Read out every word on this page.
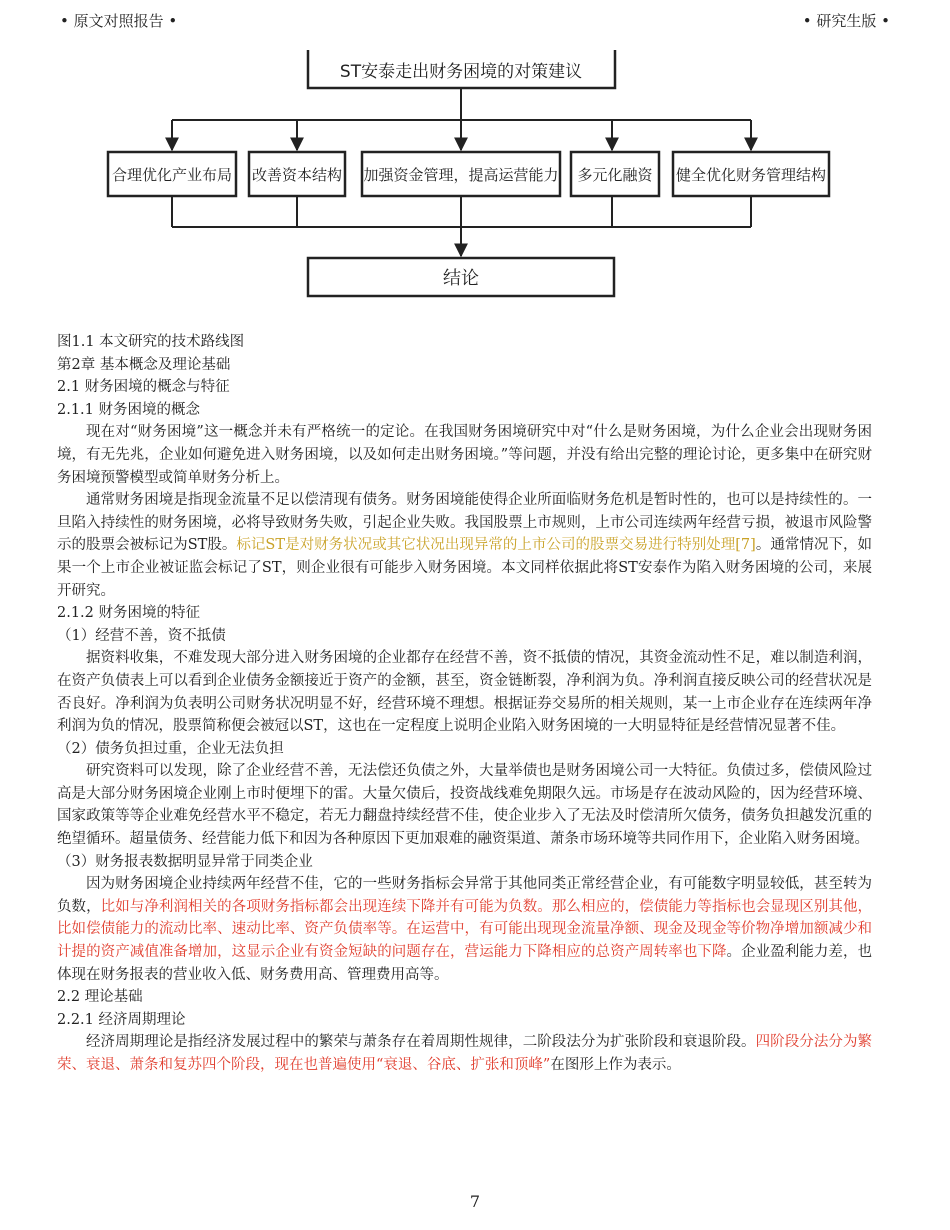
• 原文对照报告 •	• 研究生版 •
ST安泰走出财务困境的对策建议
合理优化产业布局 改善资本结构 加强资金管理，提高运营能力 多元化融资 健全优化财务管理结构
结论

图1.1 本文研究的技术路线图

第2章 基本概念及理论基础

2.1 财务困境的概念与特征

2.1.1 财务困境的概念

现在对“财务困境”这一概念并未有严格统一的定论。在我国财务困境研究中对“什么是财务困境，为什么企业会出现财务困境，有无先兆，企业如何避免进入财务困境，以及如何走出财务困境。”等问题，并没有给出完整的理论讨论，更多集中在研究财务困境预警模型或简单财务分析上。

通常财务困境是指现金流量不足以偿清现有债务。财务困境能使得企业所面临财务危机是暂时性的，也可以是持续性的。一旦陷入持续性的财务困境，必将导致财务失败，引起企业失败。我国股票上市规则，上市公司连续两年经营亏损，被退市风险警示的股票会被标记为ST股。标记ST是对财务状况或其它状况出现异常的上市公司的股票交易进行特别处理[7]。通常情况下，如果一个上市企业被证监会标记了ST，则企业很有可能步入财务困境。本文同样依据此将ST安泰作为陷入财务困境的公司，来展开研究。

2.1.2 财务困境的特征

（1）经营不善，资不抵债

据资料收集，不难发现大部分进入财务困境的企业都存在经营不善，资不抵债的情况，其资金流动性不足，难以制造利润，在资产负债表上可以看到企业债务金额接近于资产的金额，甚至，资金链断裂，净利润为负。净利润直接反映公司的经营状况是否良好。净利润为负表明公司财务状况明显不好，经营环境不理想。根据证券交易所的相关规则，某一上市企业存在连续两年净利润为负的情况，股票简称便会被冠以ST，这也在一定程度上说明企业陷入财务困境的一大明显特征是经营情况显著不佳。

（2）债务负担过重，企业无法负担

研究资料可以发现，除了企业经营不善，无法偿还负债之外，大量举债也是财务困境公司一大特征。负债过多，偿债风险过高是大部分财务困境企业刚上市时便埋下的雷。大量欠债后，投资战线难免期限久远。市场是存在波动风险的，因为经营环境、国家政策等等企业难免经营水平不稳定，若无力翻盘持续经营不佳，使企业步入了无法及时偿清所欠债务，债务负担越发沉重的绝望循环。超量债务、经营能力低下和因为各种原因下更加艰难的融资渠道、萧条市场环境等共同作用下，企业陷入财务困境。

（3）财务报表数据明显异常于同类企业

因为财务困境企业持续两年经营不佳，它的一些财务指标会异常于其他同类正常经营企业，有可能数字明显较低，甚至转为负数，比如与净利润相关的各项财务指标都会出现连续下降并有可能为负数。那么相应的，偿债能力等指标也会显现区别其他，比如偿债能力的流动比率、速动比率、资产负债率等。在运营中，有可能出现现金流量净额、现金及现金等价物净增加额减少和计提的资产减值准备增加，这显示企业有资金短缺的问题存在，营运能力下降相应的总资产周转率也下降。企业盈利能力差，也体现在财务报表的营业收入低、财务费用高、管理费用高等。

2.2 理论基础

2.2.1 经济周期理论

经济周期理论是指经济发展过程中的繁荣与萧条存在着周期性规律，二阶段法分为扩张阶段和衰退阶段。四阶段分法分为繁荣、衰退、萧条和复苏四个阶段，现在也普遍使用“衰退、谷底、扩张和顶峰”在图形上作为表示。

7
